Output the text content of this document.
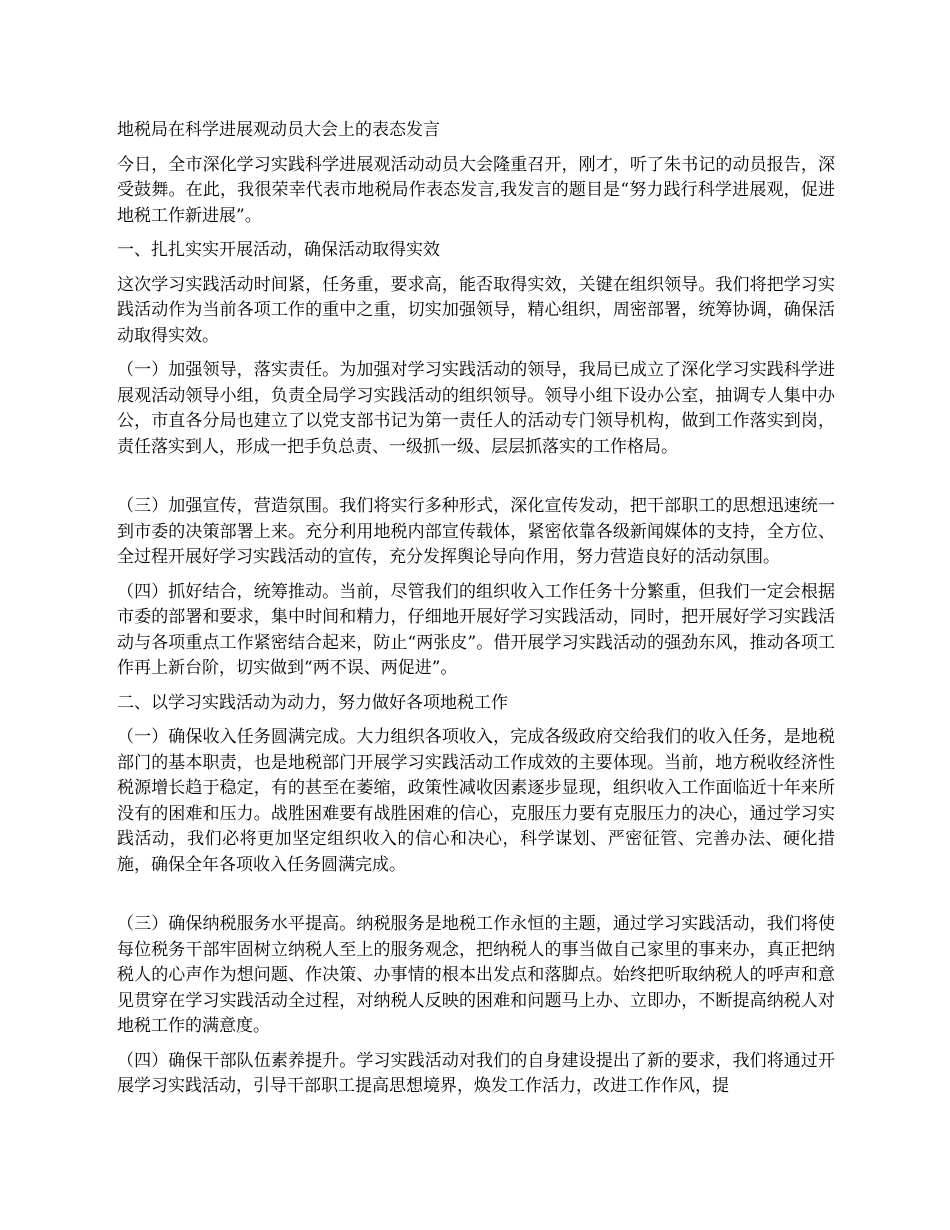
地税局在科学进展观动员大会上的表态发言

今日，全市深化学习实践科学进展观活动动员大会隆重召开，刚才，听了朱书记的动员报告，深受鼓舞。在此，我很荣幸代表市地税局作表态发言,我发言的题目是“努力践行科学进展观，促进地税工作新进展”。

一、扎扎实实开展活动，确保活动取得实效

这次学习实践活动时间紧，任务重，要求高，能否取得实效，关键在组织领导。我们将把学习实践活动作为当前各项工作的重中之重，切实加强领导，精心组织，周密部署，统筹协调，确保活动取得实效。

（一）加强领导，落实责任。为加强对学习实践活动的领导，我局已成立了深化学习实践科学进展观活动领导小组，负责全局学习实践活动的组织领导。领导小组下设办公室，抽调专人集中办公，市直各分局也建立了以党支部书记为第一责任人的活动专门领导机构，做到工作落实到岗，责任落实到人，形成一把手负总责、一级抓一级、层层抓落实的工作格局。

（三）加强宣传，营造氛围。我们将实行多种形式，深化宣传发动，把干部职工的思想迅速统一到市委的决策部署上来。充分利用地税内部宣传载体，紧密依靠各级新闻媒体的支持，全方位、全过程开展好学习实践活动的宣传，充分发挥舆论导向作用，努力营造良好的活动氛围。

（四）抓好结合，统筹推动。当前，尽管我们的组织收入工作任务十分繁重，但我们一定会根据市委的部署和要求，集中时间和精力，仔细地开展好学习实践活动，同时，把开展好学习实践活动与各项重点工作紧密结合起来，防止“两张皮”。借开展学习实践活动的强劲东风，推动各项工作再上新台阶，切实做到“两不误、两促进”。

二、以学习实践活动为动力，努力做好各项地税工作

（一）确保收入任务圆满完成。大力组织各项收入，完成各级政府交给我们的收入任务，是地税部门的基本职责，也是地税部门开展学习实践活动工作成效的主要体现。当前，地方税收经济性税源增长趋于稳定，有的甚至在萎缩，政策性减收因素逐步显现，组织收入工作面临近十年来所没有的困难和压力。战胜困难要有战胜困难的信心，克服压力要有克服压力的决心，通过学习实践活动，我们必将更加坚定组织收入的信心和决心，科学谋划、严密征管、完善办法、硬化措施，确保全年各项收入任务圆满完成。

（三）确保纳税服务水平提高。纳税服务是地税工作永恒的主题，通过学习实践活动，我们将使每位税务干部牢固树立纳税人至上的服务观念，把纳税人的事当做自己家里的事来办，真正把纳税人的心声作为想问题、作决策、办事情的根本出发点和落脚点。始终把听取纳税人的呼声和意见贯穿在学习实践活动全过程，对纳税人反映的困难和问题马上办、立即办，不断提高纳税人对地税工作的满意度。

（四）确保干部队伍素养提升。学习实践活动对我们的自身建设提出了新的要求，我们将通过开展学习实践活动，引导干部职工提高思想境界，焕发工作活力，改进工作作风，提
